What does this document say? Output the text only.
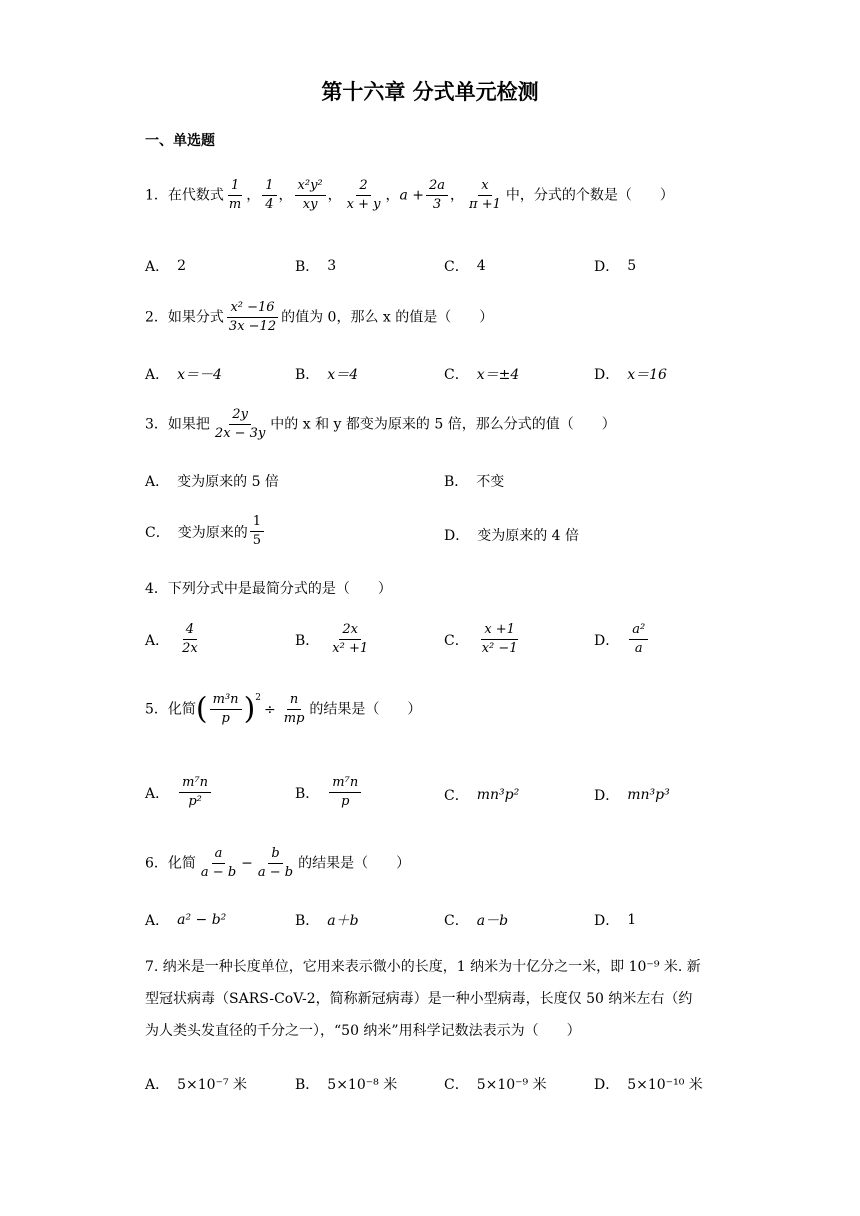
第十六章 分式单元检测
一、单选题
1．在代数式 $\frac{1}{m}$ ， $\frac{1}{4}$ ， $\frac{\text{x²y²}}{xy}$ ， $\frac{2}{x + y}$ ，$a + \frac{2a}{3}$ ， $\frac{x}{\pi +1}$ 中，分式的个数是（　　）
A． 2	B． 3	C． 4	D． 5
2．如果分式 $\frac{\text{x² −16}}{3x -12}$ 的值为 0，那么 x 的值是（　　）
A． x＝－4	B． x＝4	C． x＝±4	D． x＝16
3．如果把 $\frac{2y}{2x - 3y}$ 中的 x 和 y 都变为原来的 5 倍，那么分式的值（　　）
A． 变为原来的 5 倍	B． 不变
C． 变为原来的 $\frac{1}{5}$	D． 变为原来的 4 倍
4．下列分式中是最简分式的是（　　）
A． $\frac{4}{2x}$	B． $\frac{2x}{\text{x² +1}}$	C． $\frac{x +1}{\text{x² −1}}$	D． $\frac{\text{a²}}{a}$
5．化简( $\frac{\text{m³n}}{p} )^2\div \frac{n}{mp}$ 的结果是（　　）
A． $\frac{\text{m⁷n}}{\text{p²}}$	B． $\frac{\text{m⁷n}}{p}$	C． mn³p²	D． mn³p³
6．化简 $\frac{a}{a - b} - \frac{b}{a - b}$ 的结果是（　　）
A． a² − b²	B． a＋b	C． a－b	D． 1
7. 纳米是一种长度单位，它用来表示微小的长度，1 纳米为十亿分之一米，即 10⁻⁹ 米. 新
型冠状病毒（SARS-CoV-2，简称新冠病毒）是一种小型病毒，长度仅 50 纳米左右（约
为人类头发直径的千分之一），“50 纳米”用科学记数法表示为（　　）
A． 5×10⁻⁷ 米	B． 5×10⁻⁸ 米	C． 5×10⁻⁹ 米	D． 5×10⁻¹⁰ 米
